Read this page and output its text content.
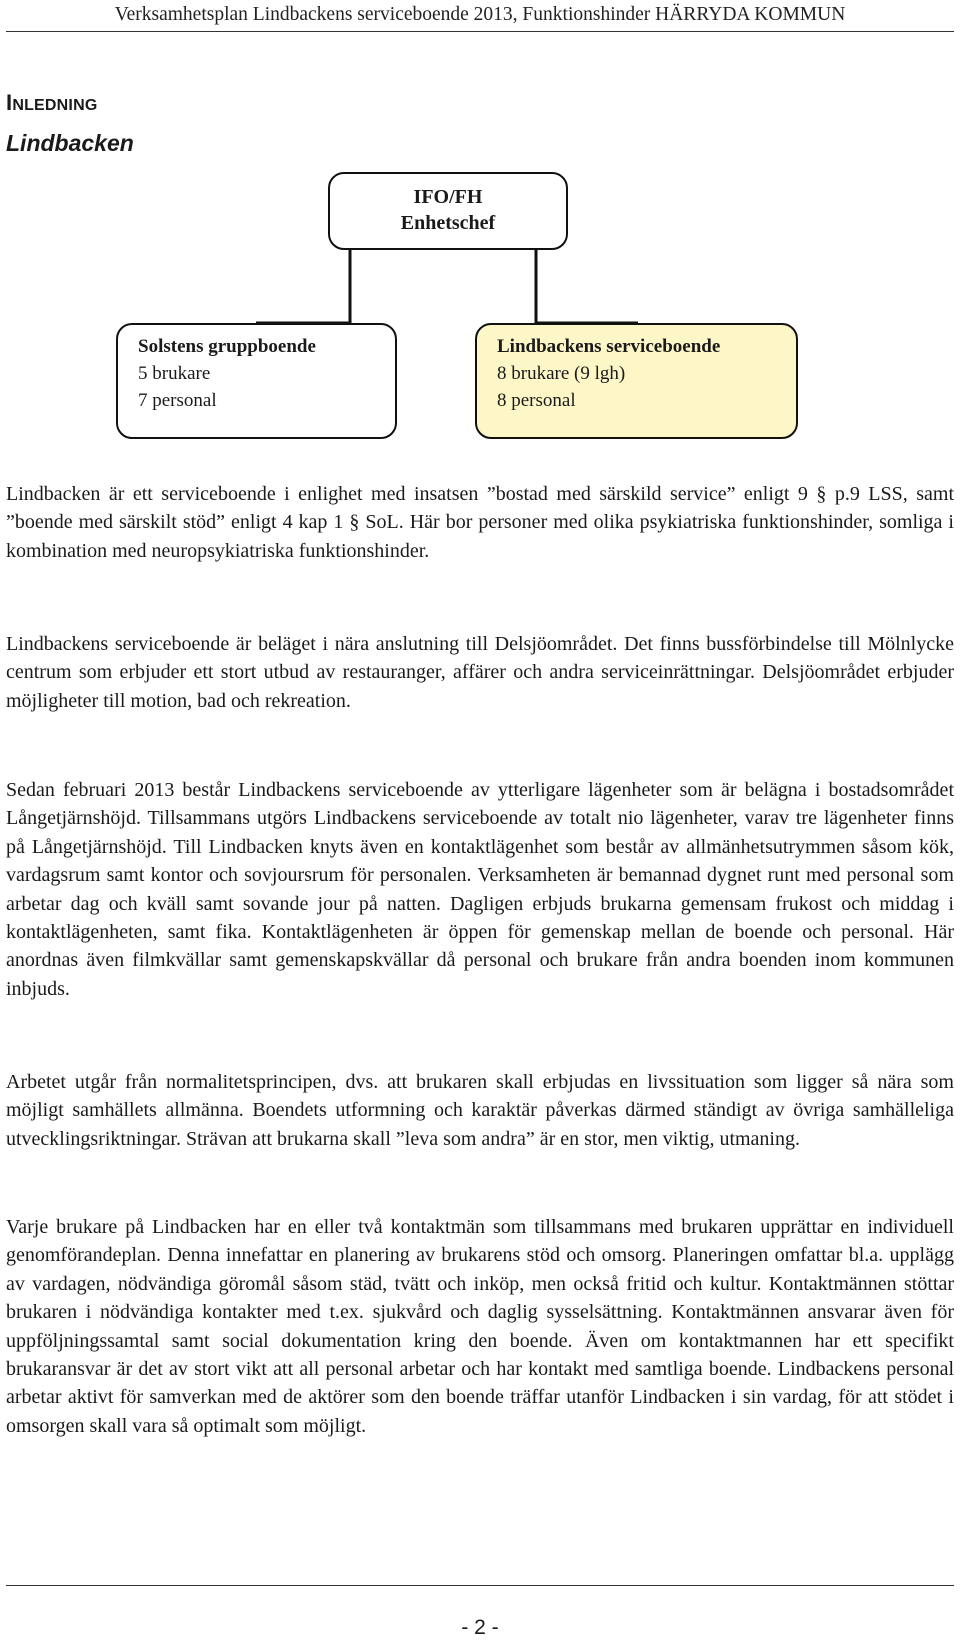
Verksamhetsplan Lindbackens serviceboende 2013, Funktionshinder HÄRRYDA KOMMUN
INLEDNING
Lindbacken
IFO/FH
Enhetschef
Solstens gruppboende
5 brukare
7 personal
Lindbackens serviceboende
8 brukare (9 lgh)
8 personal

Lindbacken är ett serviceboende i enlighet med insatsen ”bostad med särskild service” enligt 9 § p.9 LSS, samt ”boende med särskilt stöd” enligt 4 kap 1 § SoL. Här bor personer med olika psykiatriska funktionshinder, somliga i kombination med neuropsykiatriska funktionshinder.

Lindbackens serviceboende är beläget i nära anslutning till Delsjöområdet. Det finns bussförbindelse till Mölnlycke centrum som erbjuder ett stort utbud av restauranger, affärer och andra serviceinrättningar. Delsjöområdet erbjuder möjligheter till motion, bad och rekreation.

Sedan februari 2013 består Lindbackens serviceboende av ytterligare lägenheter som är belägna i bostadsområdet Långetjärnshöjd. Tillsammans utgörs Lindbackens serviceboende av totalt nio lägenheter, varav tre lägenheter finns på Långetjärnshöjd. Till Lindbacken knyts även en kontaktlägenhet som består av allmänhetsutrymmen såsom kök, vardagsrum samt kontor och sovjoursrum för personalen. Verksamheten är bemannad dygnet runt med personal som arbetar dag och kväll samt sovande jour på natten. Dagligen erbjuds brukarna gemensam frukost och middag i kontaktlägenheten, samt fika. Kontaktlägenheten är öppen för gemenskap mellan de boende och personal. Här anordnas även filmkvällar samt gemenskapskvällar då personal och brukare från andra boenden inom kommunen inbjuds.

Arbetet utgår från normalitetsprincipen, dvs. att brukaren skall erbjudas en livssituation som ligger så nära som möjligt samhällets allmänna. Boendets utformning och karaktär påverkas därmed ständigt av övriga samhälleliga utvecklingsriktningar. Strävan att brukarna skall ”leva som andra” är en stor, men viktig, utmaning.

Varje brukare på Lindbacken har en eller två kontaktmän som tillsammans med brukaren upprättar en individuell genomförandeplan. Denna innefattar en planering av brukarens stöd och omsorg. Planeringen omfattar bl.a. upplägg av vardagen, nödvändiga göromål såsom städ, tvätt och inköp, men också fritid och kultur. Kontaktmännen stöttar brukaren i nödvändiga kontakter med t.ex. sjukvård och daglig sysselsättning. Kontaktmännen ansvarar även för uppföljningssamtal samt social dokumentation kring den boende. Även om kontaktmannen har ett specifikt brukaransvar är det av stort vikt att all personal arbetar och har kontakt med samtliga boende. Lindbackens personal arbetar aktivt för samverkan med de aktörer som den boende träffar utanför Lindbacken i sin vardag, för att stödet i omsorgen skall vara så optimalt som möjligt.

- 2 -
